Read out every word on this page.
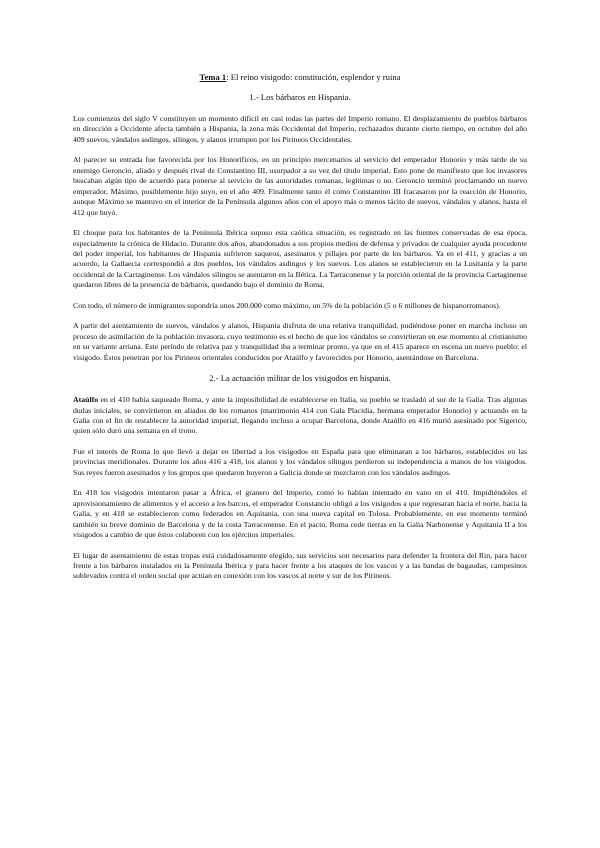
Tema 1: El reino visigodo: constitución, esplendor y ruina
1.- Los bárbaros en Hispania.

Los comienzos del siglo V constituyen un momento difícil en casi todas las partes del Imperio romano. El desplazamiento de pueblos bárbaros en dirección a Occidente afecta también a Hispania, la zona más Occidental del Imperio, rechazados durante cierto tiempo, en octubre del año 409 suevos, vándalos asdingos, silingos, y alanos irrumpen por los Pirineos Occidentales.

Al parecer su entrada fue favorecida por los Honoríficos, en un principio mercenarios al servicio del emperador Honorio y más tarde de su enemigo Geroncio, aliado y después rival de Constantino III, usurpador a su vez del título imperial. Esto pone de manifiesto que los invasores buscaban algún tipo de acuerdo para ponerse al servicio de las autoridades romanas, legítimas o no. Geroncio terminó proclamando un nuevo emperador, Máximo, posiblemente hijo suyo, en el año 409. Finalmente tanto él como Constantino III fracasaron por la reacción de Honorio, aunque Máximo se mantuvo en el interior de la Península algunos años con el apoyo más o menos tácito de suevos, vándalos y alanos, hasta el 412 que huyó.

El choque para los habitantes de la Península Ibérica supuso esta caótica situación, es registrado en las fuentes conservadas de esa época, especialmente la crónica de Hidacio. Durante dos años, abandonados a sus propios medios de defensa y privados de cualquier ayuda procedente del poder imperial, los habitantes de Hispania sufrieron saqueos, asesinatos y pillajes por parte de los bárbaros. Ya en el 411, y gracias a un acuerdo, la Gallaecia correspondió a dos pueblos, los vándalos asdingos y los suevos. Los alanos se establecieron en la Lusitania y la parte occidental de la Cartaginense. Los vándalos silingos se asentaron en la Bética. La Tarraconense y la porción oriental de la provincia Cartaginense quedaron libres de la presencia de bárbaros, quedando bajo el dominio de Roma.

Con todo, el número de inmigrantes supondría unos 200.000 como máximo, un 5% de la población (5 o 6 millones de hispanorromanos).

A partir del asentamiento de suevos, vándalos y alanos, Hispania disfruta de una relativa tranquilidad, pudiéndose poner en marcha incluso un proceso de asimilación de la población invasora, cuyo testimonio es el hecho de que los vándalos se convirtieran en ese momento al cristianismo en su variante arriana. Este período de relativa paz y tranquilidad iba a terminar pronto, ya que en el 415 aparece en escena un nuevo pueblo: el visigodo. Éstos penetran por los Pirineos orientales conducidos por Ataúlfo y favorecidos por Honorio, asentándose en Barcelona.

2.- La actuación militar de los visigodos en hispania.

Ataúlfo en el 410 había saqueado Roma, y ante la imposibilidad de establecerse en Italia, su pueblo se trasladó al sur de la Galia. Tras algunas dudas iniciales, se convirtieron en aliados de los romanos (matrimonio 414 con Gala Placidia, hermana emperador Honorio) y actuando en la Galia con el fin de restablecer la autoridad imperial, llegando incluso a ocupar Barcelona, donde Ataúlfo en 416 murió asesinado por Sigerico, quien sólo duró una semana en el trono.

Fue el interés de Roma lo que llevó a dejar en libertad a los visigodos en España para que eliminaran a los bárbaros, establecidos en las provincias meridionales. Durante los años 416 a 418, los alanos y los vándalos silingos perdieron su independencia a manos de los visigodos. Sus reyes fueron asesinados y los grupos que quedaron huyeron a Galicia donde se mezclaron con los vándalos asdingos.

En 418 los visigodos intentaron pasar a África, el granero del Imperio, como lo habían intentado en vano en el 410. Impidiéndoles el aprovisionamiento de alimentos y el acceso a los barcos, el emperador Constancio obligó a los visigodos a que regresaran hacia el norte, hacia la Galia, y en 418 se establecieron como federados en Aquitania, con una nueva capital en Tolosa. Probablemente, en ese momento terminó también su breve dominio de Barcelona y de la costa Tarraconense. En el pacto, Roma cede tierras en la Galia Narbonense y Aquitania II a los visigodos a cambio de que éstos colaboren con los ejércitos imperiales.

El lugar de asentamiento de estas tropas está cuidadosamente elegido, sus servicios son necesarios para defender la frontera del Rin, para hacer frente a los bárbaros instalados en la Península Ibérica y para hacer frente a los ataques de los vascos y a las bandas de bagaudas, campesinos sublevados contra el orden social que actúan en conexión con los vascos al norte y sur de los Pirineos.
